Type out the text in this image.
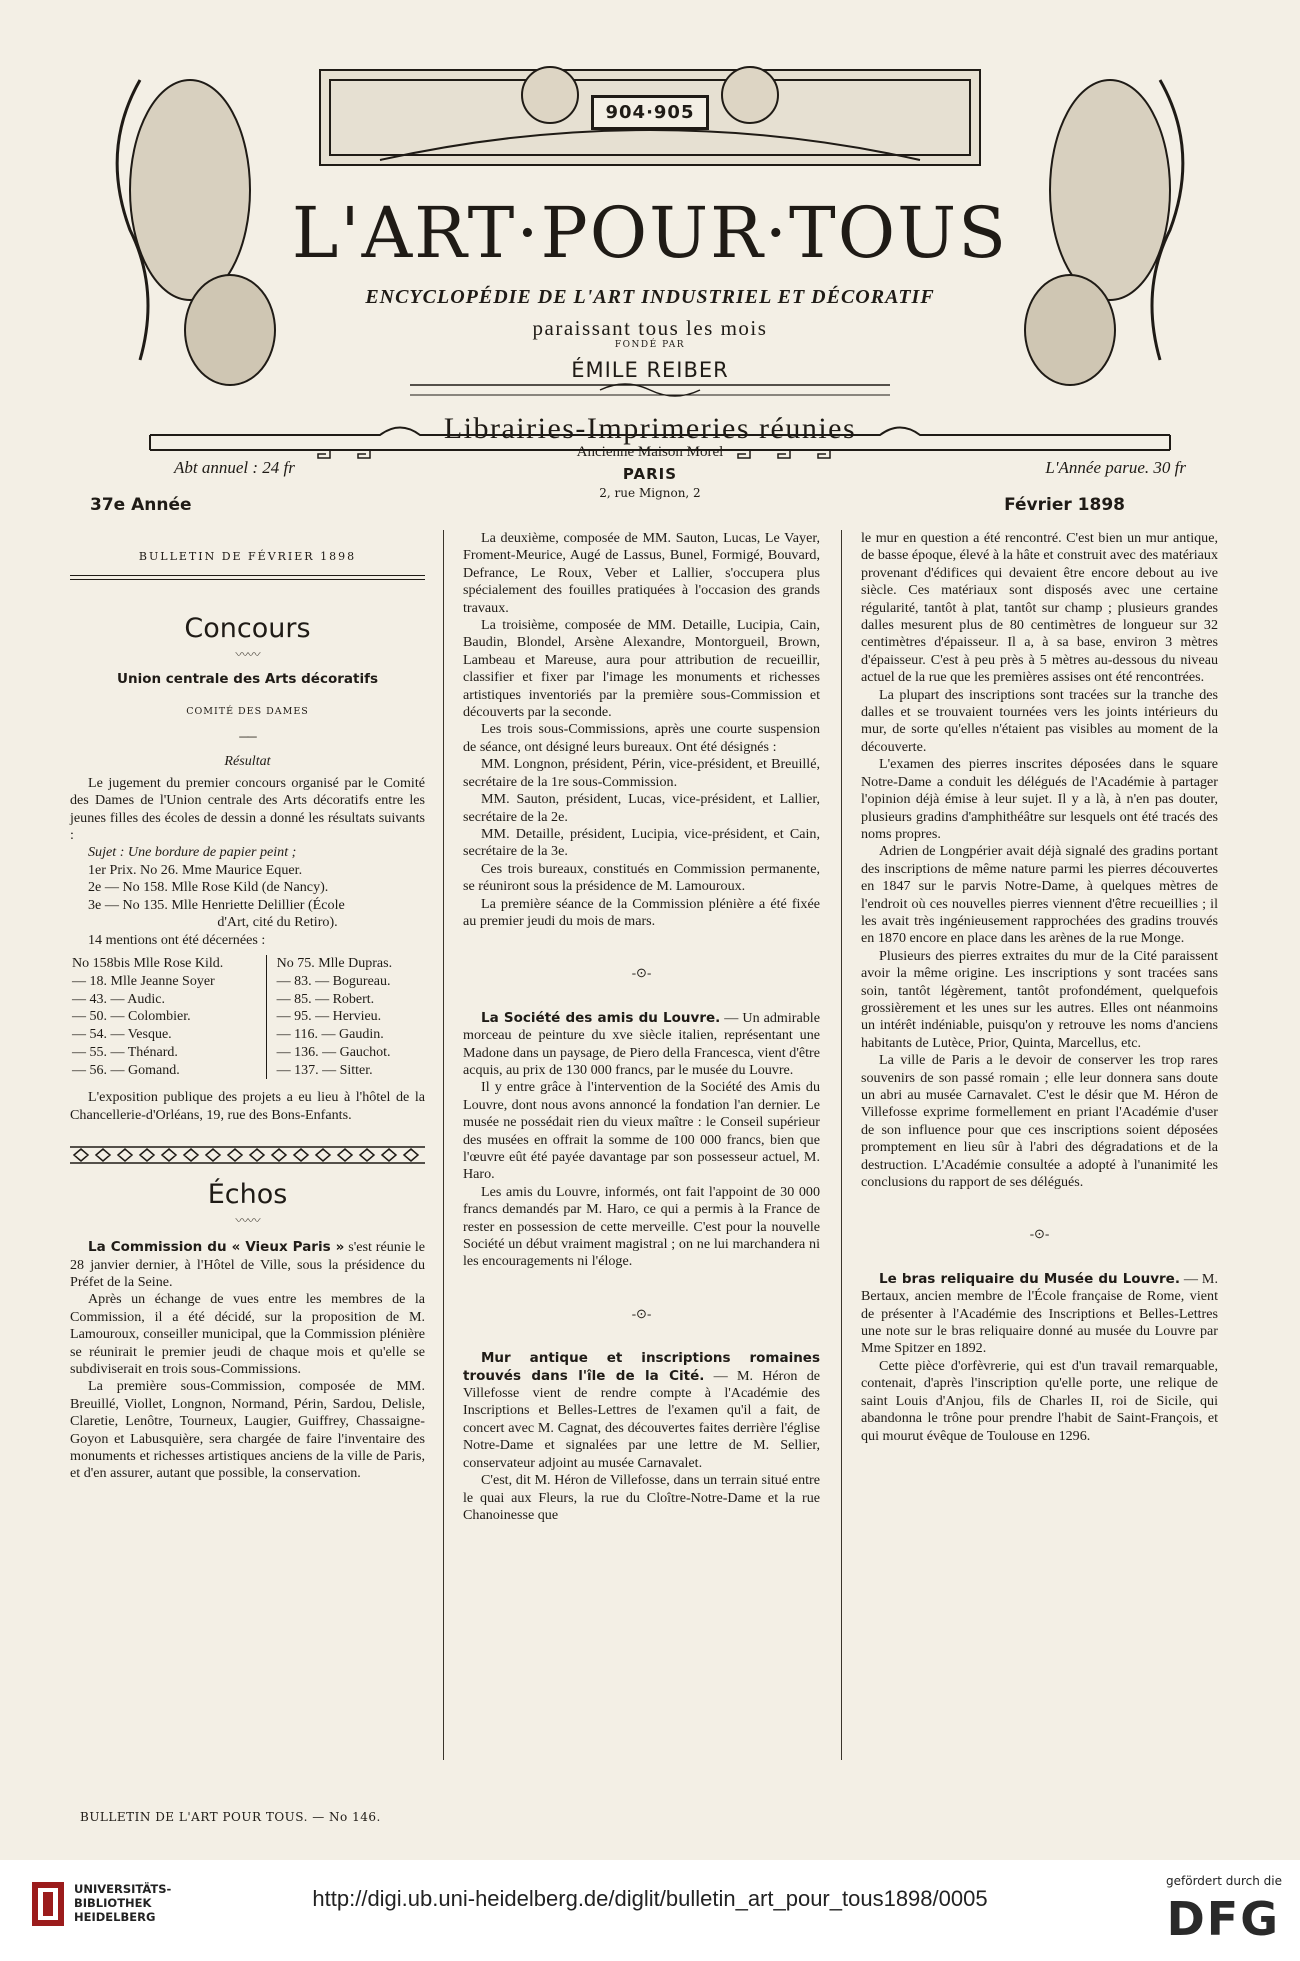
904·905
L'ART·POUR·TOUS
ENCYCLOPÉDIE DE L'ART INDUSTRIEL ET DÉCORATIF
paraissant tous les mois
FONDÉ PAR
ÉMILE REIBER
Librairies-Imprimeries réunies
Ancienne Maison Morel
Abt annuel : 24 fr	L'Année parue. 30 fr
PARIS
2, rue Mignon, 2
37e Année	Février 1898
BULLETIN DE FÉVRIER 1898
Concours
〰〰
Union centrale des Arts décoratifs
COMITÉ DES DAMES
──
Résultat

Le jugement du premier concours organisé par le Comité des Dames de l'Union centrale des Arts décoratifs entre les jeunes filles des écoles de dessin a donné les résultats suivants :

Sujet : Une bordure de papier peint ;

1er Prix. No 26. Mme Maurice Equer.

2e — No 158. Mlle Rose Kild (de Nancy).

3e — No 135. Mlle Henriette Delillier (École

d'Art, cité du Retiro).

14 mentions ont été décernées :

No 158bis Mlle Rose Kild.		No 75. Mlle Dupras.
— 18. Mlle Jeanne Soyer		— 83. — Bogureau.
— 43. — Audic.		— 85. — Robert.
— 50. — Colombier.		— 95. — Hervieu.
— 54. — Vesque.		— 116. — Gaudin.
— 55. — Thénard.		— 136. — Gauchot.
— 56. — Gomand.		— 137. — Sitter.

L'exposition publique des projets a eu lieu à l'hôtel de la Chancellerie-d'Orléans, 19, rue des Bons-Enfants.

Échos
〰〰

La Commission du « Vieux Paris » s'est réunie le 28 janvier dernier, à l'Hôtel de Ville, sous la présidence du Préfet de la Seine.

Après un échange de vues entre les membres de la Commission, il a été décidé, sur la proposition de M. Lamouroux, conseiller municipal, que la Commission plénière se réunirait le premier jeudi de chaque mois et qu'elle se subdiviserait en trois sous-Commissions.

La première sous-Commission, composée de MM. Breuillé, Viollet, Longnon, Normand, Périn, Sardou, Delisle, Claretie, Lenôtre, Tourneux, Laugier, Guiffrey, Chassaigne-Goyon et Labusquière, sera chargée de faire l'inventaire des monuments et richesses artistiques anciens de la ville de Paris, et d'en assurer, autant que possible, la conservation.

La deuxième, composée de MM. Sauton, Lucas, Le Vayer, Froment-Meurice, Augé de Lassus, Bunel, Formigé, Bouvard, Defrance, Le Roux, Veber et Lallier, s'occupera plus spécialement des fouilles pratiquées à l'occasion des grands travaux.

La troisième, composée de MM. Detaille, Lucipia, Cain, Baudin, Blondel, Arsène Alexandre, Montorgueil, Brown, Lambeau et Mareuse, aura pour attribution de recueillir, classifier et fixer par l'image les monuments et richesses artistiques inventoriés par la première sous-Commission et découverts par la seconde.

Les trois sous-Commissions, après une courte suspension de séance, ont désigné leurs bureaux. Ont été désignés :

MM. Longnon, président, Périn, vice-président, et Breuillé, secrétaire de la 1re sous-Commission.

MM. Sauton, président, Lucas, vice-président, et Lallier, secrétaire de la 2e.

MM. Detaille, président, Lucipia, vice-président, et Cain, secrétaire de la 3e.

Ces trois bureaux, constitués en Commission permanente, se réuniront sous la présidence de M. Lamouroux.

La première séance de la Commission plénière a été fixée au premier jeudi du mois de mars.

-⊙-

La Société des amis du Louvre. — Un admirable morceau de peinture du xve siècle italien, représentant une Madone dans un paysage, de Piero della Francesca, vient d'être acquis, au prix de 130 000 francs, par le musée du Louvre.

Il y entre grâce à l'intervention de la Société des Amis du Louvre, dont nous avons annoncé la fondation l'an dernier. Le musée ne possédait rien du vieux maître : le Conseil supérieur des musées en offrait la somme de 100 000 francs, bien que l'œuvre eût été payée davantage par son possesseur actuel, M. Haro.

Les amis du Louvre, informés, ont fait l'appoint de 30 000 francs demandés par M. Haro, ce qui a permis à la France de rester en possession de cette merveille. C'est pour la nouvelle Société un début vraiment magistral ; on ne lui marchandera ni les encouragements ni l'éloge.

-⊙-

Mur antique et inscriptions romaines trouvés dans l'île de la Cité. — M. Héron de Villefosse vient de rendre compte à l'Académie des Inscriptions et Belles-Lettres de l'examen qu'il a fait, de concert avec M. Cagnat, des découvertes faites derrière l'église Notre-Dame et signalées par une lettre de M. Sellier, conservateur adjoint au musée Carnavalet.

C'est, dit M. Héron de Villefosse, dans un terrain situé entre le quai aux Fleurs, la rue du Cloître-Notre-Dame et la rue Chanoinesse que

le mur en question a été rencontré. C'est bien un mur antique, de basse époque, élevé à la hâte et construit avec des matériaux provenant d'édifices qui devaient être encore debout au ive siècle. Ces matériaux sont disposés avec une certaine régularité, tantôt à plat, tantôt sur champ ; plusieurs grandes dalles mesurent plus de 80 centimètres de longueur sur 32 centimètres d'épaisseur. Il a, à sa base, environ 3 mètres d'épaisseur. C'est à peu près à 5 mètres au-dessous du niveau actuel de la rue que les premières assises ont été rencontrées.

La plupart des inscriptions sont tracées sur la tranche des dalles et se trouvaient tournées vers les joints intérieurs du mur, de sorte qu'elles n'étaient pas visibles au moment de la découverte.

L'examen des pierres inscrites déposées dans le square Notre-Dame a conduit les délégués de l'Académie à partager l'opinion déjà émise à leur sujet. Il y a là, à n'en pas douter, plusieurs gradins d'amphithéâtre sur lesquels ont été tracés des noms propres.

Adrien de Longpérier avait déjà signalé des gradins portant des inscriptions de même nature parmi les pierres découvertes en 1847 sur le parvis Notre-Dame, à quelques mètres de l'endroit où ces nouvelles pierres viennent d'être recueillies ; il les avait très ingénieusement rapprochées des gradins trouvés en 1870 encore en place dans les arènes de la rue Monge.

Plusieurs des pierres extraites du mur de la Cité paraissent avoir la même origine. Les inscriptions y sont tracées sans soin, tantôt légèrement, tantôt profondément, quelquefois grossièrement et les unes sur les autres. Elles ont néanmoins un intérêt indéniable, puisqu'on y retrouve les noms d'anciens habitants de Lutèce, Prior, Quinta, Marcellus, etc.

La ville de Paris a le devoir de conserver les trop rares souvenirs de son passé romain ; elle leur donnera sans doute un abri au musée Carnavalet. C'est le désir que M. Héron de Villefosse exprime formellement en priant l'Académie d'user de son influence pour que ces inscriptions soient déposées promptement en lieu sûr à l'abri des dégradations et de la destruction. L'Académie consultée a adopté à l'unanimité les conclusions du rapport de ses délégués.

-⊙-

Le bras reliquaire du Musée du Louvre. — M. Bertaux, ancien membre de l'École française de Rome, vient de présenter à l'Académie des Inscriptions et Belles-Lettres une note sur le bras reliquaire donné au musée du Louvre par Mme Spitzer en 1892.

Cette pièce d'orfèvrerie, qui est d'un travail remarquable, contenait, d'après l'inscription qu'elle porte, une relique de saint Louis d'Anjou, fils de Charles II, roi de Sicile, qui abandonna le trône pour prendre l'habit de Saint-François, et qui mourut évêque de Toulouse en 1296.

BULLETIN DE L'ART POUR TOUS. — No 146.
UNIVERSITÄTS-
BIBLIOTHEK
HEIDELBERG
http://digi.ub.uni-heidelberg.de/diglit/bulletin_art_pour_tous1898/0005
gefördert durch die
DFG
